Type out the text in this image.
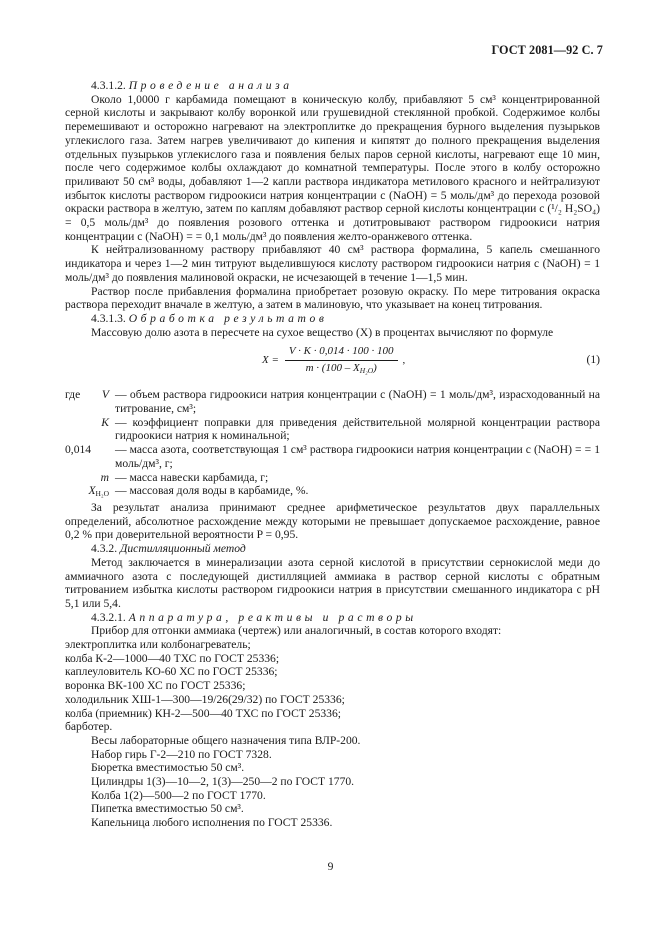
ГОСТ 2081—92 С. 7

4.3.1.2. Проведение анализа

Около 1,0000 г карбамида помещают в коническую колбу, прибавляют 5 см³ концентрированной серной кислоты и закрывают колбу воронкой или грушевидной стеклянной пробкой. Содержимое колбы перемешивают и осторожно нагревают на электроплитке до прекращения бурного выделения пузырьков углекислого газа. Затем нагрев увеличивают до кипения и кипятят до полного прекращения выделения отдельных пузырьков углекислого газа и появления белых паров серной кислоты, нагревают еще 10 мин, после чего содержимое колбы охлаждают до комнатной температуры. После этого в колбу осторожно приливают 50 см³ воды, добавляют 1—2 капли раствора индикатора метилового красного и нейтрализуют избыток кислоты раствором гидроокиси натрия концентрации c (NaOH) = 5 моль/дм³ до перехода розовой окраски раствора в желтую, затем по каплям добавляют раствор серной кислоты концентрации c (¹/₂ H₂SO₄) = 0,5 моль/дм³ до появления розового оттенка и дотитровывают раствором гидроокиси натрия концентрации c (NaOH) = = 0,1 моль/дм³ до появления желто-оранжевого оттенка.

К нейтрализованному раствору прибавляют 40 см³ раствора формалина, 5 капель смешанного индикатора и через 1—2 мин титруют выделившуюся кислоту раствором гидроокиси натрия c (NaOH) = 1 моль/дм³ до появления малиновой окраски, не исчезающей в течение 1—1,5 мин.

Раствор после прибавления формалина приобретает розовую окраску. По мере титрования окраска раствора переходит вначале в желтую, а затем в малиновую, что указывает на конец титрования.

4.3.1.3. Обработка результатов

Массовую долю азота в пересчете на сухое вещество (X) в процентах вычисляют по формуле

$X = \frac{V \cdot K \cdot 0,014 \cdot 100 \cdot 100}{m \cdot (100 - X_{H_2O})}$ ,	(1)
где V — объем раствора гидроокиси натрия концентрации c (NaOH) = 1 моль/дм³, израсходованный на титрование, см³;
K — коэффициент поправки для приведения действительной молярной концентрации раствора гидроокиси натрия к номинальной;
0,014	— масса азота, соответствующая 1 см³ раствора гидроокиси натрия концентрации c (NaOH) = = 1 моль/дм³, г;
m — масса навески карбамида, г;
$X_{H_2O}$ — массовая доля воды в карбамиде, %.

За результат анализа принимают среднее арифметическое результатов двух параллельных определений, абсолютное расхождение между которыми не превышает допускаемое расхождение, равное 0,2 % при доверительной вероятности P = 0,95.

4.3.2. Дистилляционный метод

Метод заключается в минерализации азота серной кислотой в присутствии сернокислой меди до аммиачного азота с последующей дистилляцией аммиака в раствор серной кислоты с обратным титрованием избытка кислоты раствором гидроокиси натрия в присутствии смешанного индикатора с pH 5,1 или 5,4.

4.3.2.1. Аппаратура, реактивы и растворы

Прибор для отгонки аммиака (чертеж) или аналогичный, в состав которого входят:

электроплитка или колбонагреватель;

колба К-2—1000—40 ТХС по ГОСТ 25336;

каплеуловитель КО-60 ХС по ГОСТ 25336;

воронка ВК-100 ХС по ГОСТ 25336;

холодильник ХШ-1—300—19/26(29/32) по ГОСТ 25336;

колба (приемник) КН-2—500—40 ТХС по ГОСТ 25336;

барботер.

Весы лабораторные общего назначения типа ВЛР-200.

Набор гирь Г-2—210 по ГОСТ 7328.

Бюретка вместимостью 50 см³.

Цилиндры 1(3)—10—2, 1(3)—250—2 по ГОСТ 1770.

Колба 1(2)—500—2 по ГОСТ 1770.

Пипетка вместимостью 50 см³.

Капельница любого исполнения по ГОСТ 25336.

9
